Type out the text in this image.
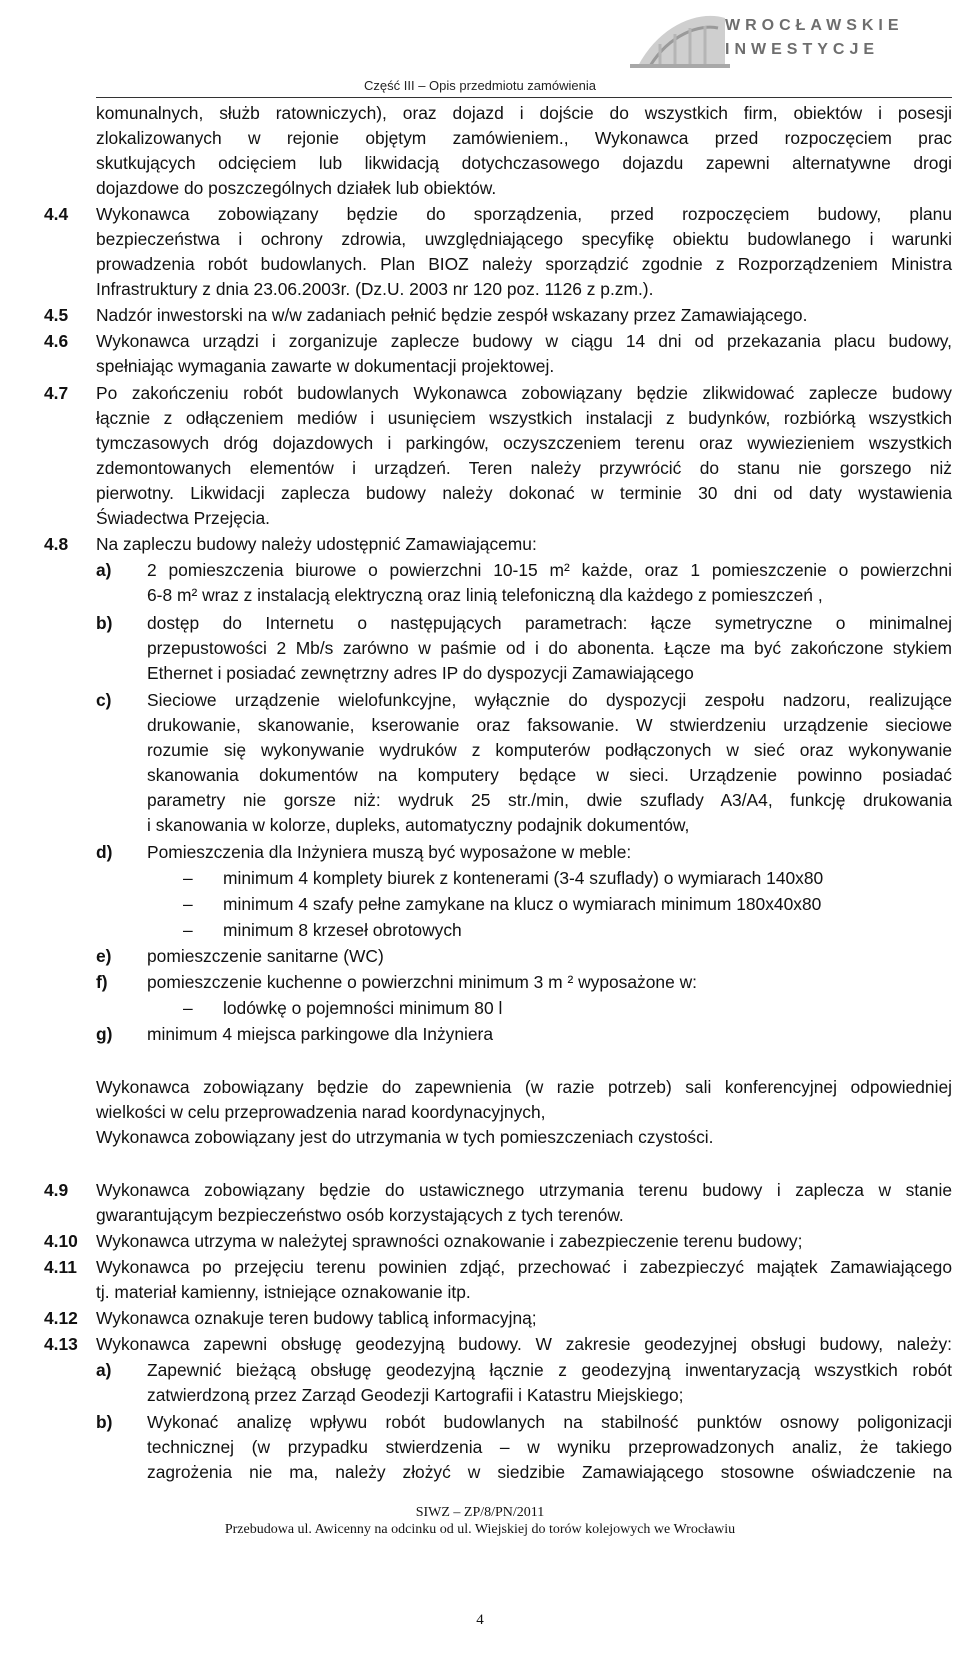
WROCŁAWSKIE
INWESTYCJE
Część III – Opis przedmiotu zamówienia
komunalnych, służb ratowniczych), oraz dojazd i dojście do wszystkich firm, obiektów i posesji
zlokalizowanych w rejonie objętym zamówieniem., Wykonawca przed rozpoczęciem prac
skutkujących odcięciem lub likwidacją dotychczasowego dojazdu zapewni alternatywne drogi
dojazdowe do poszczególnych działek lub obiektów.
4.4 Wykonawca zobowiązany będzie do sporządzenia, przed rozpoczęciem budowy, planu
bezpieczeństwa i ochrony zdrowia, uwzględniającego specyfikę obiektu budowlanego i warunki
prowadzenia robót budowlanych. Plan BIOZ należy sporządzić zgodnie z Rozporządzeniem Ministra
Infrastruktury z dnia 23.06.2003r. (Dz.U. 2003 nr 120 poz. 1126 z p.zm.).
4.5 Nadzór inwestorski na w/w zadaniach pełnić będzie zespół wskazany przez Zamawiającego.
4.6 Wykonawca urządzi i zorganizuje zaplecze budowy w ciągu 14 dni od przekazania placu budowy,
spełniając wymagania zawarte w dokumentacji projektowej.
4.7 Po zakończeniu robót budowlanych Wykonawca zobowiązany będzie zlikwidować zaplecze budowy
łącznie z odłączeniem mediów i usunięciem wszystkich instalacji z budynków, rozbiórką wszystkich
tymczasowych dróg dojazdowych i parkingów, oczyszczeniem terenu oraz wywiezieniem wszystkich
zdemontowanych elementów i urządzeń. Teren należy przywrócić do stanu nie gorszego niż
pierwotny. Likwidacji zaplecza budowy należy dokonać w terminie 30 dni od daty wystawienia
Świadectwa Przejęcia.
4.8 Na zapleczu budowy należy udostępnić Zamawiającemu:
a) 2 pomieszczenia biurowe o powierzchni 10-15 m² każde, oraz 1 pomieszczenie o powierzchni
6-8 m² wraz z instalacją elektryczną oraz linią telefoniczną dla każdego z pomieszczeń ,
b) dostęp do Internetu o następujących parametrach: łącze symetryczne o minimalnej
przepustowości 2 Mb/s zarówno w paśmie od i do abonenta. Łącze ma być zakończone stykiem
Ethernet i posiadać zewnętrzny adres IP do dyspozycji Zamawiającego
c) Sieciowe urządzenie wielofunkcyjne, wyłącznie do dyspozycji zespołu nadzoru, realizujące
drukowanie, skanowanie, kserowanie oraz faksowanie. W stwierdzeniu urządzenie sieciowe
rozumie się wykonywanie wydruków z komputerów podłączonych w sieć oraz wykonywanie
skanowania dokumentów na komputery będące w sieci. Urządzenie powinno posiadać
parametry nie gorsze niż: wydruk 25 str./min, dwie szuflady A3/A4, funkcję drukowania
i skanowania w kolorze, dupleks, automatyczny podajnik dokumentów,
d) Pomieszczenia dla Inżyniera muszą być wyposażone w meble:
– minimum 4 komplety biurek z kontenerami (3-4 szuflady) o wymiarach 140x80
– minimum 4 szafy pełne zamykane na klucz o wymiarach minimum 180x40x80
– minimum 8 krzeseł obrotowych
e) pomieszczenie sanitarne (WC)
f) pomieszczenie kuchenne o powierzchni minimum 3 m ² wyposażone w:
– lodówkę o pojemności minimum 80 l
g) minimum 4 miejsca parkingowe dla Inżyniera
Wykonawca zobowiązany będzie do zapewnienia (w razie potrzeb) sali konferencyjnej odpowiedniej
wielkości w celu przeprowadzenia narad koordynacyjnych,
Wykonawca zobowiązany jest do utrzymania w tych pomieszczeniach czystości.
4.9 Wykonawca zobowiązany będzie do ustawicznego utrzymania terenu budowy i zaplecza w stanie
gwarantującym bezpieczeństwo osób korzystających z tych terenów.
4.10 Wykonawca utrzyma w należytej sprawności oznakowanie i zabezpieczenie terenu budowy;
4.11 Wykonawca po przejęciu terenu powinien zdjąć, przechować i zabezpieczyć majątek Zamawiającego
tj. materiał kamienny, istniejące oznakowanie itp.
4.12 Wykonawca oznakuje teren budowy tablicą informacyjną;
4.13 Wykonawca zapewni obsługę geodezyjną budowy. W zakresie geodezyjnej obsługi budowy, należy:
a) Zapewnić bieżącą obsługę geodezyjną łącznie z geodezyjną inwentaryzacją wszystkich robót
zatwierdzoną przez Zarząd Geodezji Kartografii i Katastru Miejskiego;
b) Wykonać analizę wpływu robót budowlanych na stabilność punktów osnowy poligonizacji
technicznej (w przypadku stwierdzenia – w wyniku przeprowadzonych analiz, że takiego
zagrożenia nie ma, należy złożyć w siedzibie Zamawiającego stosowne oświadczenie na
SIWZ – ZP/8/PN/2011
Przebudowa ul. Awicenny na odcinku od ul. Wiejskiej do torów kolejowych we Wrocławiu
4
